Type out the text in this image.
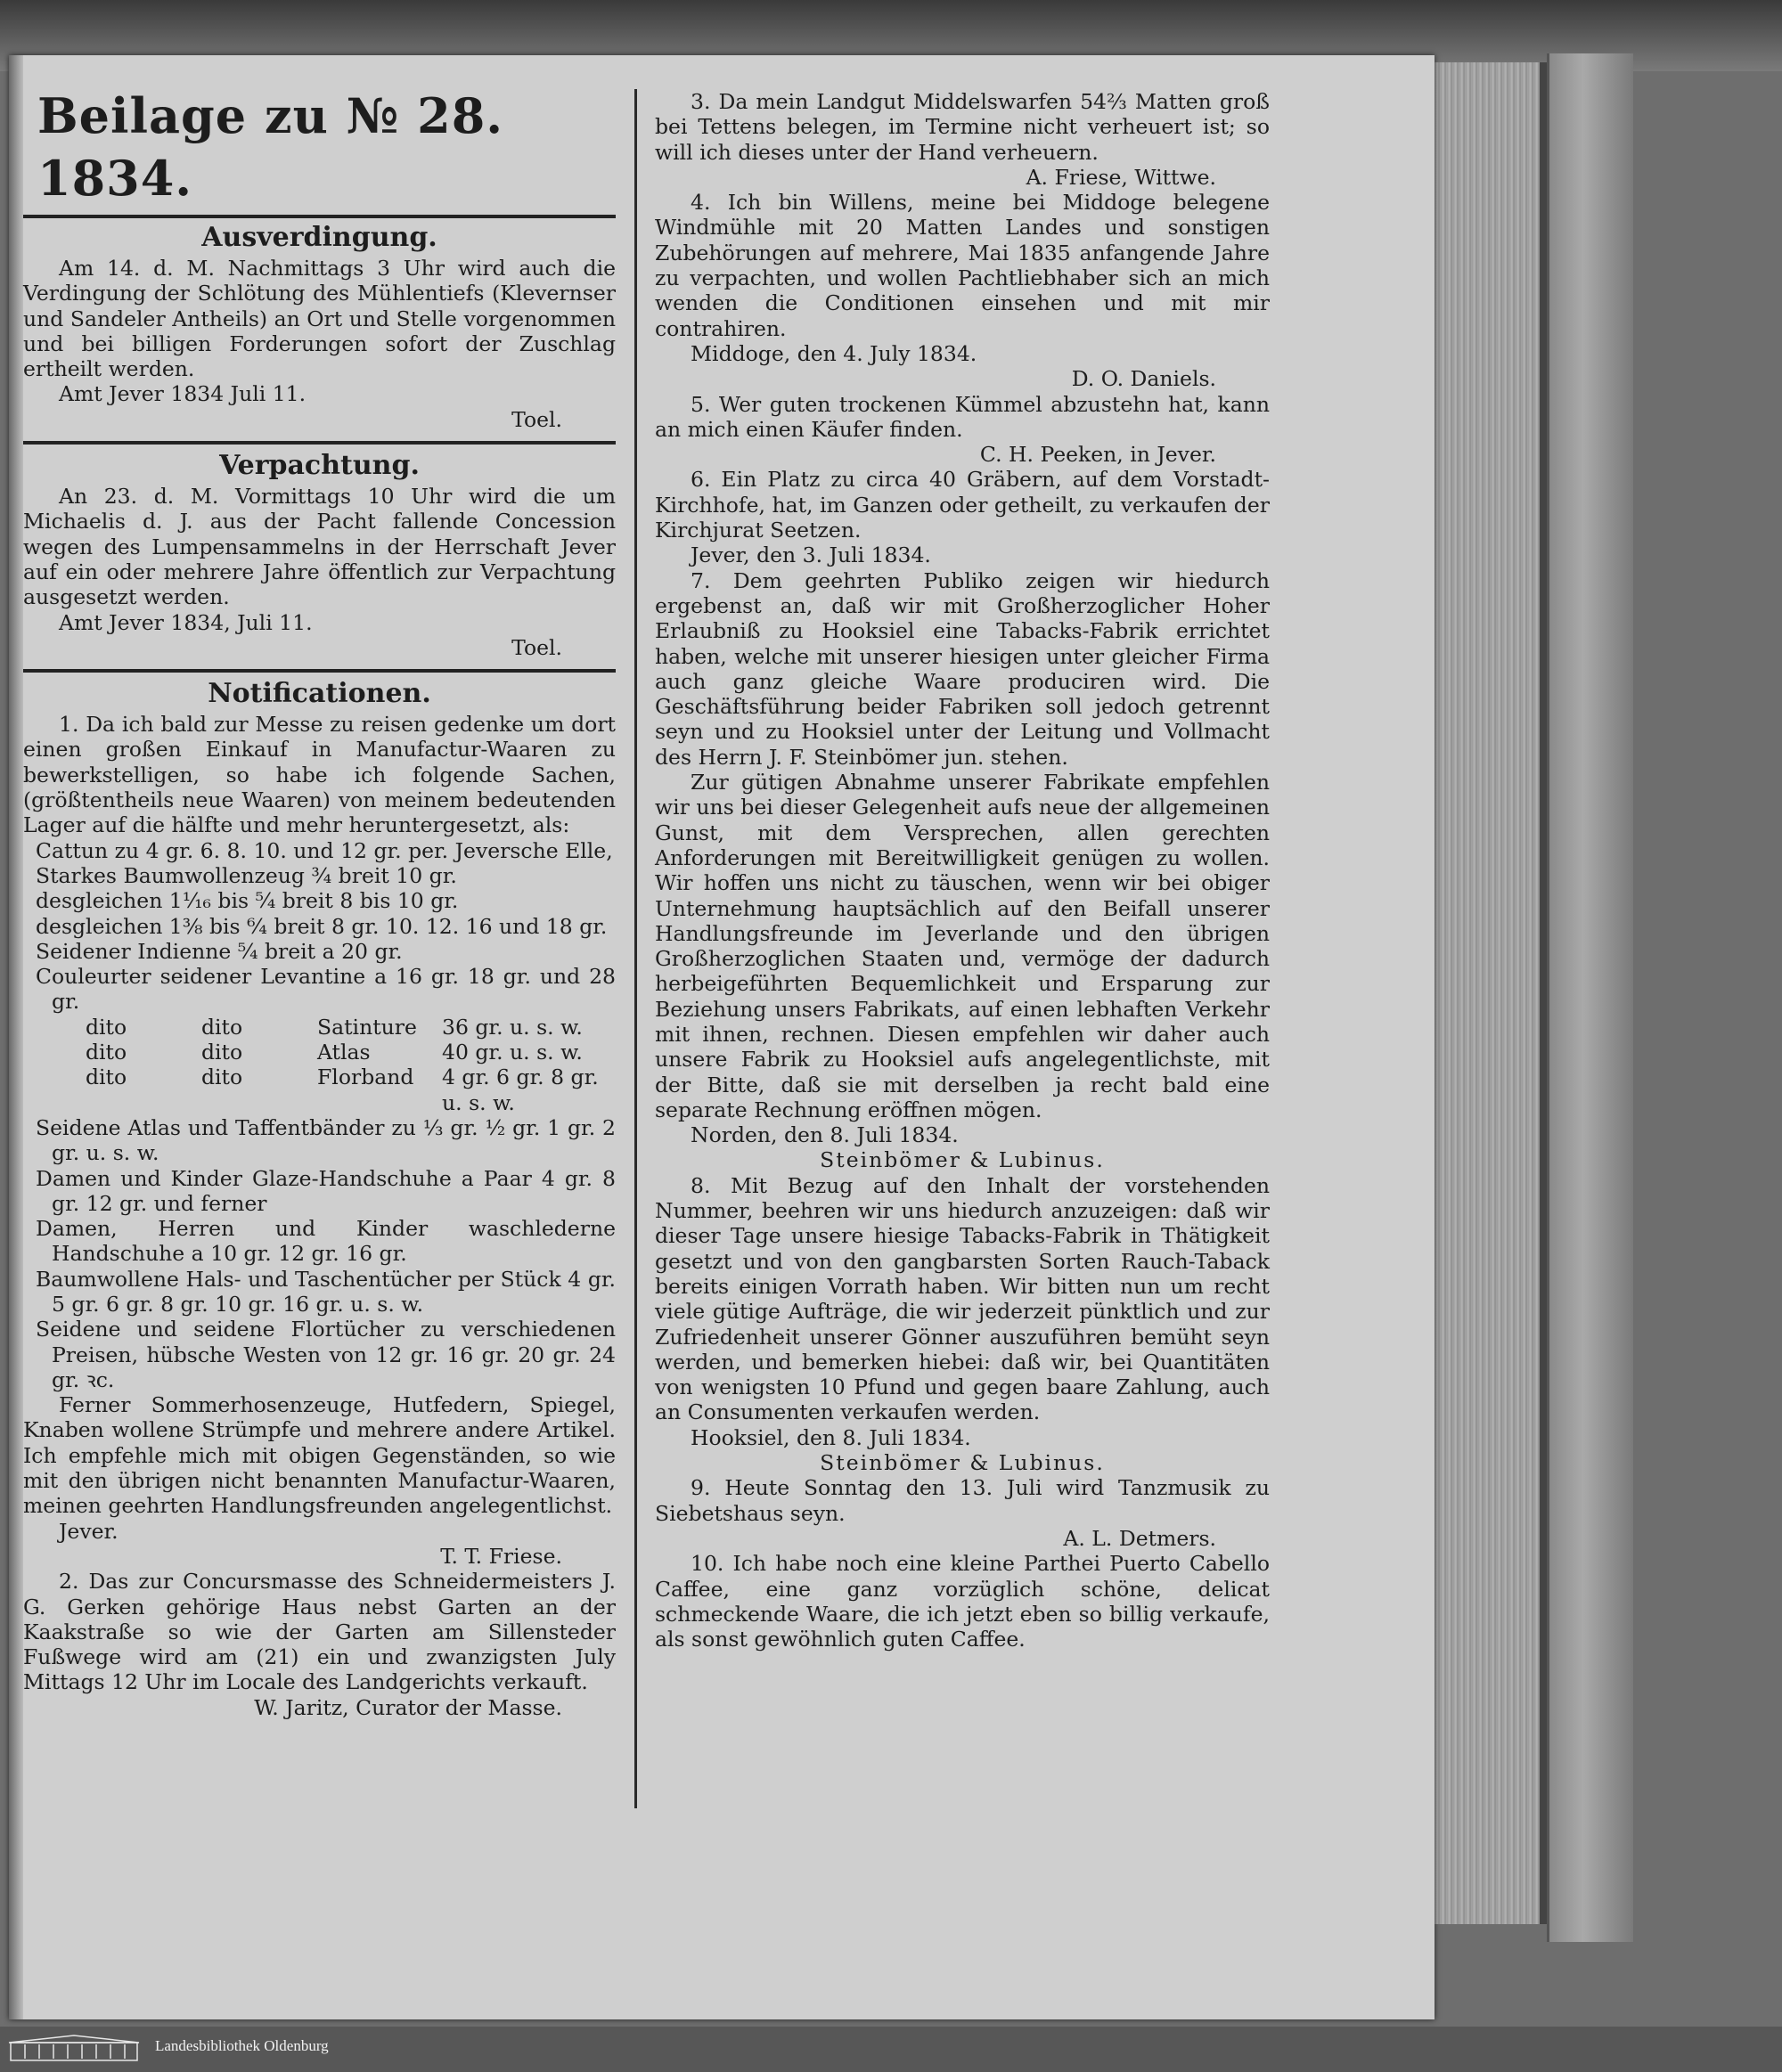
Beilage zu № 28. 1834.
Ausverdingung.

Am 14. d. M. Nachmittags 3 Uhr wird auch die Verdingung der Schlötung des Mühlentiefs (Klevernser und Sandeler Antheils) an Ort und Stelle vorgenommen und bei billigen Forderungen sofort der Zuschlag ertheilt werden.

Amt Jever 1834 Juli 11.

Toel.

Verpachtung.

An 23. d. M. Vormittags 10 Uhr wird die um Michaelis d. J. aus der Pacht fallende Concession wegen des Lumpensammelns in der Herrschaft Jever auf ein oder mehrere Jahre öffentlich zur Verpachtung ausgesetzt werden.

Amt Jever 1834, Juli 11.

Toel.

Notificationen.

1. Da ich bald zur Messe zu reisen gedenke um dort einen großen Einkauf in Manufactur-Waaren zu bewerkstelligen, so habe ich folgende Sachen, (größtentheils neue Waaren) von meinem bedeutenden Lager auf die hälfte und mehr heruntergesetzt, als:

Cattun zu 4 gr. 6. 8. 10. und 12 gr. per. Jeversche Elle,

Starkes Baumwollenzeug ¾ breit 10 gr.

desgleichen 1¹⁄₁₆ bis ⁵⁄₄ breit 8 bis 10 gr.

desgleichen 1⅜ bis ⁶⁄₄ breit 8 gr. 10. 12. 16 und 18 gr.

Seidener Indienne ⁵⁄₄ breit a 20 gr.

Couleurter seidener Levantine a 16 gr. 18 gr. und 28 gr.

dito	dito	Satinture	36 gr. u. s. w.
dito	dito	Atlas	40 gr. u. s. w.
dito	dito	Florband	4 gr. 6 gr. 8 gr. u. s. w.

Seidene Atlas und Taffentbänder zu ⅓ gr. ½ gr. 1 gr. 2 gr. u. s. w.

Damen und Kinder Glaze-Handschuhe a Paar 4 gr. 8 gr. 12 gr. und ferner

Damen, Herren und Kinder waschlederne Handschuhe a 10 gr. 12 gr. 16 gr.

Baumwollene Hals- und Taschentücher per Stück 4 gr. 5 gr. 6 gr. 8 gr. 10 gr. 16 gr. u. s. w.

Seidene und seidene Flortücher zu verschiedenen Preisen, hübsche Westen von 12 gr. 16 gr. 20 gr. 24 gr. ꝛc.

Ferner Sommerhosenzeuge, Hutfedern, Spiegel, Knaben wollene Strümpfe und mehrere andere Artikel. Ich empfehle mich mit obigen Gegenständen, so wie mit den übrigen nicht benannten Manufactur-Waaren, meinen geehrten Handlungsfreunden angelegentlichst.

Jever.

T. T. Friese.

2. Das zur Concursmasse des Schneidermeisters J. G. Gerken gehörige Haus nebst Garten an der Kaakstraße so wie der Garten am Sillensteder Fußwege wird am (21) ein und zwanzigsten July Mittags 12 Uhr im Locale des Landgerichts verkauft.

W. Jaritz, Curator der Masse.

3. Da mein Landgut Middelswarfen 54⅔ Matten groß bei Tettens belegen, im Termine nicht verheuert ist; so will ich dieses unter der Hand verheuern.

A. Friese, Wittwe.

4. Ich bin Willens, meine bei Middoge belegene Windmühle mit 20 Matten Landes und sonstigen Zubehörungen auf mehrere, Mai 1835 anfangende Jahre zu verpachten, und wollen Pachtliebhaber sich an mich wenden die Conditionen einsehen und mit mir contrahiren.

Middoge, den 4. July 1834.

D. O. Daniels.

5. Wer guten trockenen Kümmel abzustehn hat, kann an mich einen Käufer finden.

C. H. Peeken, in Jever.

6. Ein Platz zu circa 40 Gräbern, auf dem Vorstadt-Kirchhofe, hat, im Ganzen oder getheilt, zu verkaufen der Kirchjurat Seetzen.

Jever, den 3. Juli 1834.

7. Dem geehrten Publiko zeigen wir hiedurch ergebenst an, daß wir mit Großherzoglicher Hoher Erlaubniß zu Hooksiel eine Tabacks-Fabrik errichtet haben, welche mit unserer hiesigen unter gleicher Firma auch ganz gleiche Waare produciren wird. Die Geschäftsführung beider Fabriken soll jedoch getrennt seyn und zu Hooksiel unter der Leitung und Vollmacht des Herrn J. F. Steinbömer jun. stehen.

Zur gütigen Abnahme unserer Fabrikate empfehlen wir uns bei dieser Gelegenheit aufs neue der allgemeinen Gunst, mit dem Versprechen, allen gerechten Anforderungen mit Bereitwilligkeit genügen zu wollen. Wir hoffen uns nicht zu täuschen, wenn wir bei obiger Unternehmung hauptsächlich auf den Beifall unserer Handlungsfreunde im Jeverlande und den übrigen Großherzoglichen Staaten und, vermöge der dadurch herbeigeführten Bequemlichkeit und Ersparung zur Beziehung unsers Fabrikats, auf einen lebhaften Verkehr mit ihnen, rechnen. Diesen empfehlen wir daher auch unsere Fabrik zu Hooksiel aufs angelegentlichste, mit der Bitte, daß sie mit derselben ja recht bald eine separate Rechnung eröffnen mögen.

Norden, den 8. Juli 1834.

Steinbömer & Lubinus.

8. Mit Bezug auf den Inhalt der vorstehenden Nummer, beehren wir uns hiedurch anzuzeigen: daß wir dieser Tage unsere hiesige Tabacks-Fabrik in Thätigkeit gesetzt und von den gangbarsten Sorten Rauch-Taback bereits einigen Vorrath haben. Wir bitten nun um recht viele gütige Aufträge, die wir jederzeit pünktlich und zur Zufriedenheit unserer Gönner auszuführen bemüht seyn werden, und bemerken hiebei: daß wir, bei Quantitäten von wenigsten 10 Pfund und gegen baare Zahlung, auch an Consumenten verkaufen werden.

Hooksiel, den 8. Juli 1834.

Steinbömer & Lubinus.

9. Heute Sonntag den 13. Juli wird Tanzmusik zu Siebetshaus seyn.

A. L. Detmers.

10. Ich habe noch eine kleine Parthei Puerto Cabello Caffee, eine ganz vorzüglich schöne, delicat schmeckende Waare, die ich jetzt eben so billig verkaufe, als sonst gewöhnlich guten Caffee.

Landesbibliothek Oldenburg
